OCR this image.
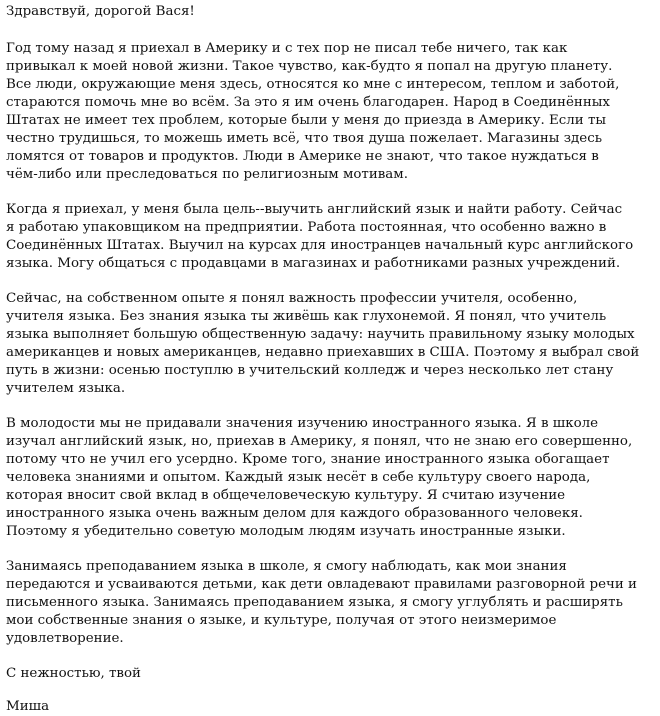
Здравствуй, дорогой Вася!
Год тому назад я приехал в Америку и с тех пор не писал тебе ничего, так как
привыкал к моей новой жизни. Такое чувство, как-будто я попал на другую планету.
Все люди, окружающие меня здесь, относятся ко мне с интересом, теплом и заботой,
стараются помочь мне во всём. За это я им очень благодарен. Народ в Соединённых
Штатах не имеет тех проблем, которые были у меня до приезда в Америку. Если ты
честно трудишься, то можешь иметь всё, что твоя душа пожелает. Магазины здесь
ломятся от товаров и продуктов. Люди в Америке не знают, что такое нуждаться в
чём-либо или преследоваться по религиозным мотивам.
Когда я приехал, у меня была цель--выучить английский язык и найти работу. Сейчас
я работаю упаковщиком на предприятии. Работа постоянная, что особенно важно в
Соединённых Штатах. Выучил на курсах для иностранцев начальный курс английского
языка. Могу общаться с продавцами в магазинах и работниками разных учреждений.
Сейчас, на собственном опыте я понял важность профессии учителя, особенно,
учителя языка. Без знания языка ты живёшь как глухонемой. Я понял, что учитель
языка выполняет большую общественную задачу: научить правильному языку молодых
американцев и новых американцев, недавно приехавших в США. Поэтому я выбрал свой
путь в жизни: осенью поступлю в учительский колледж и через несколько лет стану
учителем языка.
В молодости мы не придавали значения изучению иностранного языка. Я в школе
изучал английский язык, но, приехав в Америку, я понял, что не знаю его совершенно,
потому что не учил его усердно. Кроме того, знание иностранного языка обогащает
человека знаниями и опытом. Каждый язык несёт в себе культуру своего народа,
которая вносит свой вклад в общечеловеческую культуру. Я считаю изучение
иностранного языка очень важным делом для каждого образованного человекя.
Поэтому я убедительно советую молодым людям изучать иностранные языки.
Занимаясь преподаванием языка в школе, я смогу наблюдать, как мои знания
передаются и усваиваются детьми, как дети овладевают правилами разговорной речи и
письменного языка. Занимаясь преподаванием языка, я смогу углублять и расширять
мои собственные знания о языке, и культуре, получая от этого неизмеримое
удовлетворение.
С нежностью, твой
Миша
